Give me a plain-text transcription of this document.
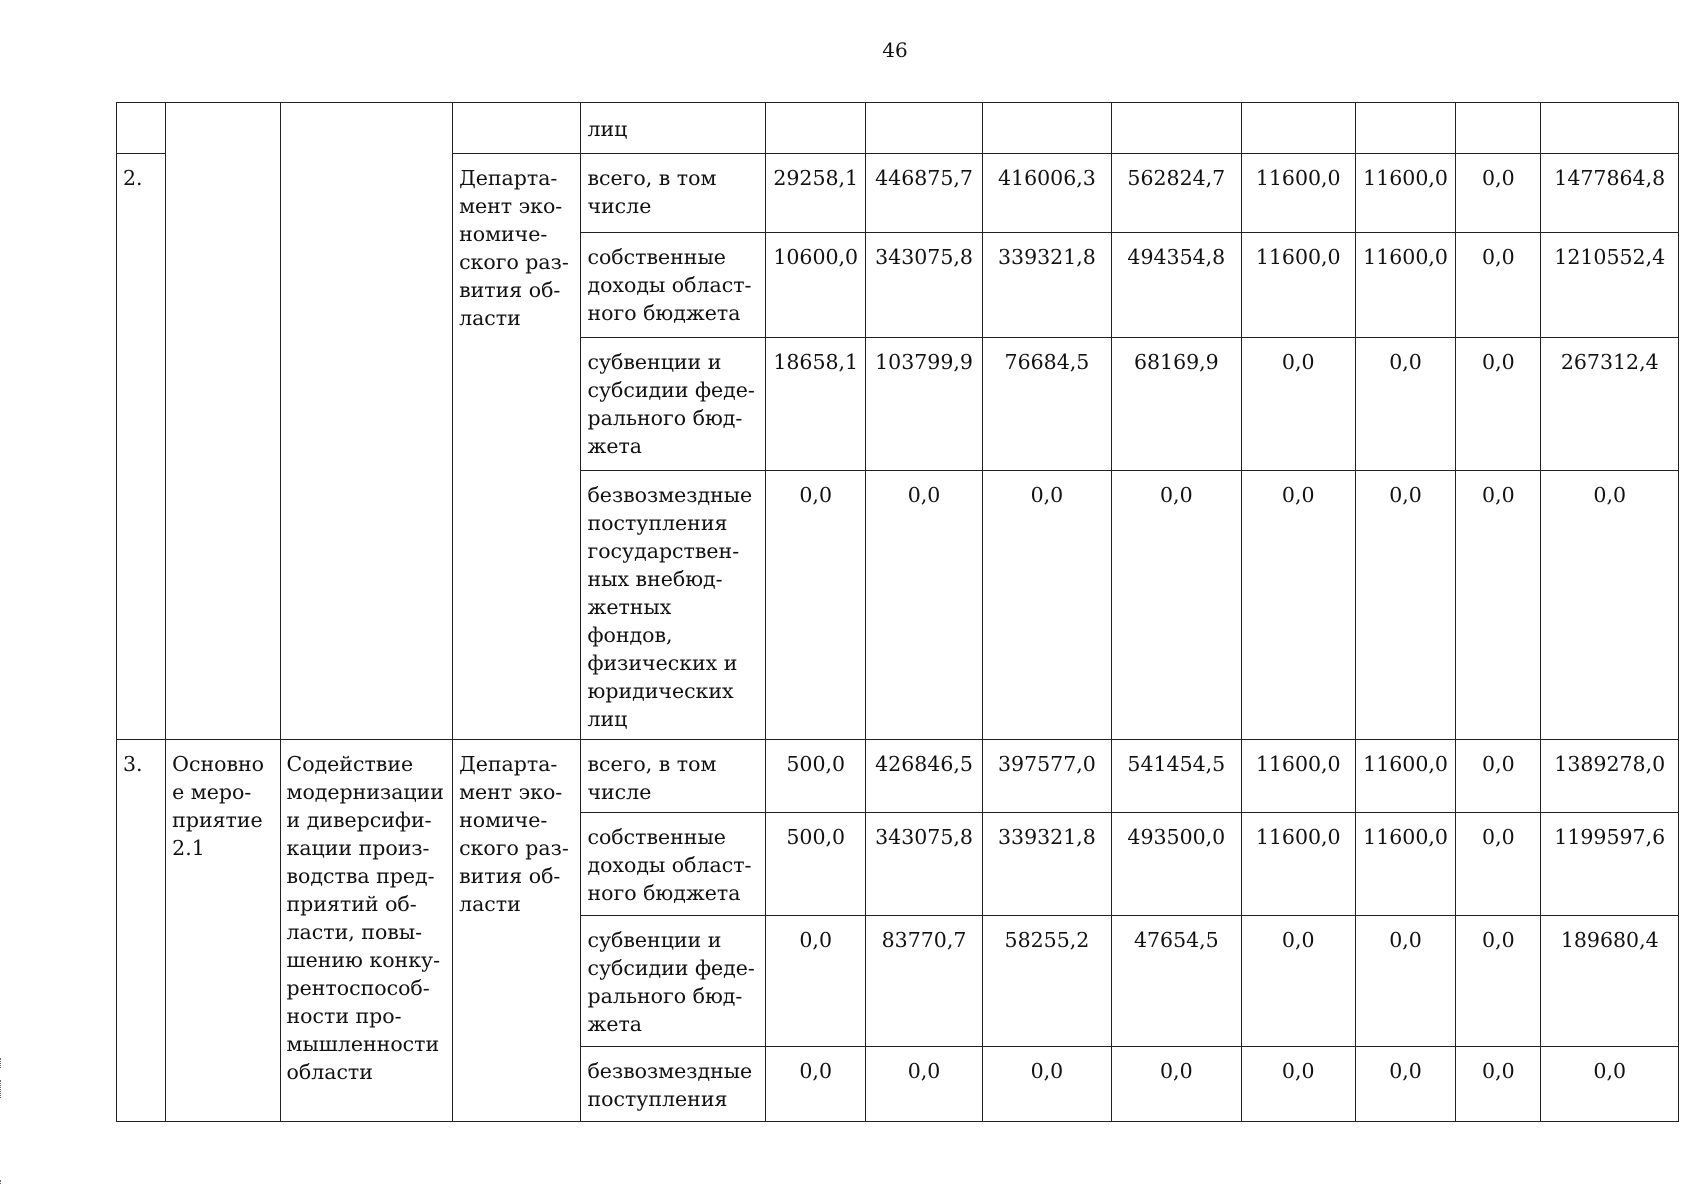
46
				лиц								
2.			Департа-мент эко-номиче-ского раз-вития об-ласти	всего, в том числе	29258,1	446875,7	416006,3	562824,7	11600,0	11600,0	0,0	1477864,8
				собственные доходы област-ного бюджета	10600,0	343075,8	339321,8	494354,8	11600,0	11600,0	0,0	1210552,4
				субвенции и субсидии феде-рального бюд-жета	18658,1	103799,9	76684,5	68169,9	0,0	0,0	0,0	267312,4
				безвозмездные поступления государствен-ных внебюд-жетных фондов, физических и юридических лиц	0,0	0,0	0,0	0,0	0,0	0,0	0,0	0,0
3.	Основное меро-приятие 2.1	Содействие модернизации и диверсифи-кации произ-водства пред-приятий об-ласти, повы-шению конку-рентоспособ-ности про-мышленности области	Департа-мент эко-номиче-ского раз-вития об-ласти	всего, в том числе	500,0	426846,5	397577,0	541454,5	11600,0	11600,0	0,0	1389278,0
				собственные доходы област-ного бюджета	500,0	343075,8	339321,8	493500,0	11600,0	11600,0	0,0	1199597,6
				субвенции и субсидии феде-рального бюд-жета	0,0	83770,7	58255,2	47654,5	0,0	0,0	0,0	189680,4
				безвозмездные поступления	0,0	0,0	0,0	0,0	0,0	0,0	0,0	0,0
